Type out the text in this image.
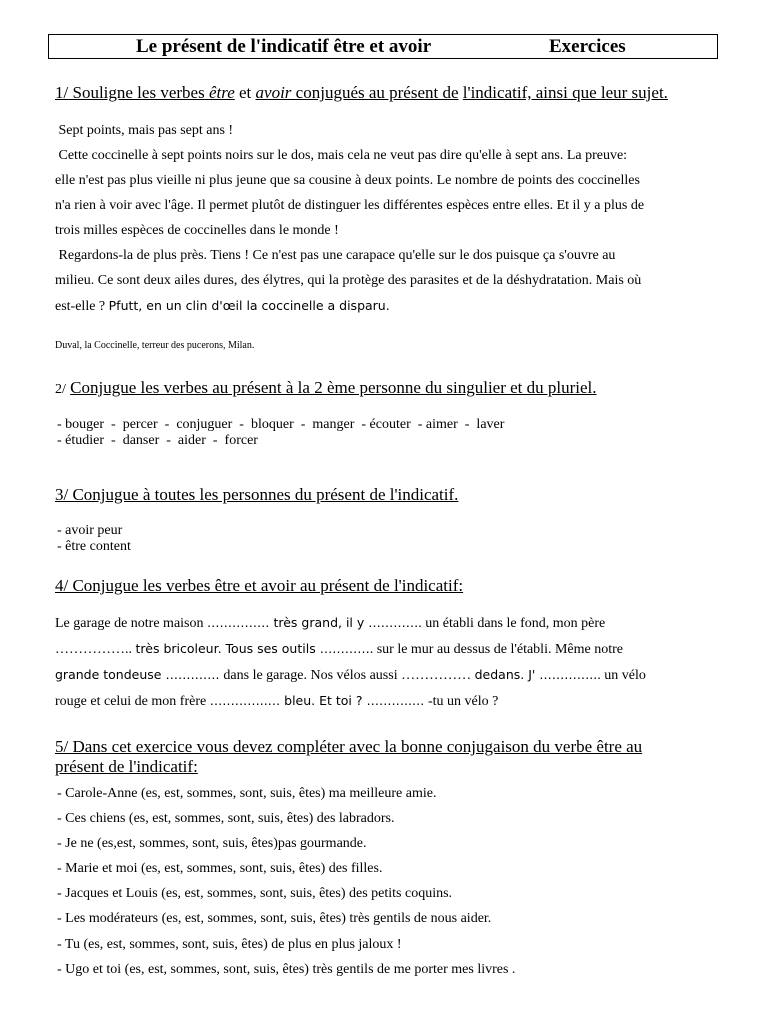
Le présent de l'indicatif être et avoir	Exercices
1/ Souligne les verbes être et avoir conjugués au présent de l'indicatif, ainsi que leur sujet.
Sept points, mais pas sept ans !
Cette coccinelle à sept points noirs sur le dos, mais cela ne veut pas dire qu'elle à sept ans. La preuve:
elle n'est pas plus vieille ni plus jeune que sa cousine à deux points. Le nombre de points des coccinelles
n'a rien à voir avec l'âge. Il permet plutôt de distinguer les différentes espèces entre elles. Et il y a plus de
trois milles espèces de coccinelles dans le monde !
Regardons-la de plus près. Tiens ! Ce n'est pas une carapace qu'elle sur le dos puisque ça s'ouvre au
milieu. Ce sont deux ailes dures, des élytres, qui la protège des parasites et de la déshydratation. Mais où
est-elle ? Pfutt, en un clin d'œil la coccinelle a disparu.
Duval, la Coccinelle, terreur des pucerons, Milan.
2/ Conjugue les verbes au présent à la 2 ème personne du singulier et du pluriel.
- bouger  -  percer  -  conjuguer  -  bloquer  -  manger  - écouter  - aimer  -  laver
- étudier  -  danser  -  aider  -  forcer
3/ Conjugue à toutes les personnes du présent de l'indicatif.
- avoir peur
- être content
4/ Conjugue les verbes être et avoir au présent de l'indicatif:
Le garage de notre maison …………… très grand, il y …………. un établi dans le fond, mon père
…………….. très bricoleur. Tous ses outils …………. sur le mur au dessus de l'établi. Même notre
grande tondeuse …………. dans le garage. Nos vélos aussi …………… dedans. J' …………... un vélo
rouge et celui de mon frère …………..… bleu. Et toi ? ………..… -tu un vélo ?
5/ Dans cet exercice vous devez compléter avec la bonne conjugaison du verbe être au
présent de l'indicatif:
- Carole-Anne (es, est, sommes, sont, suis, êtes) ma meilleure amie.
- Ces chiens (es, est, sommes, sont, suis, êtes) des labradors.
- Je ne (es,est, sommes, sont, suis, êtes)pas gourmande.
- Marie et moi (es, est, sommes, sont, suis, êtes) des filles.
- Jacques et Louis (es, est, sommes, sont, suis, êtes) des petits coquins.
- Les modérateurs (es, est, sommes, sont, suis, êtes) très gentils de nous aider.
- Tu (es, est, sommes, sont, suis, êtes) de plus en plus jaloux !
- Ugo et toi (es, est, sommes, sont, suis, êtes) très gentils de me porter mes livres .
